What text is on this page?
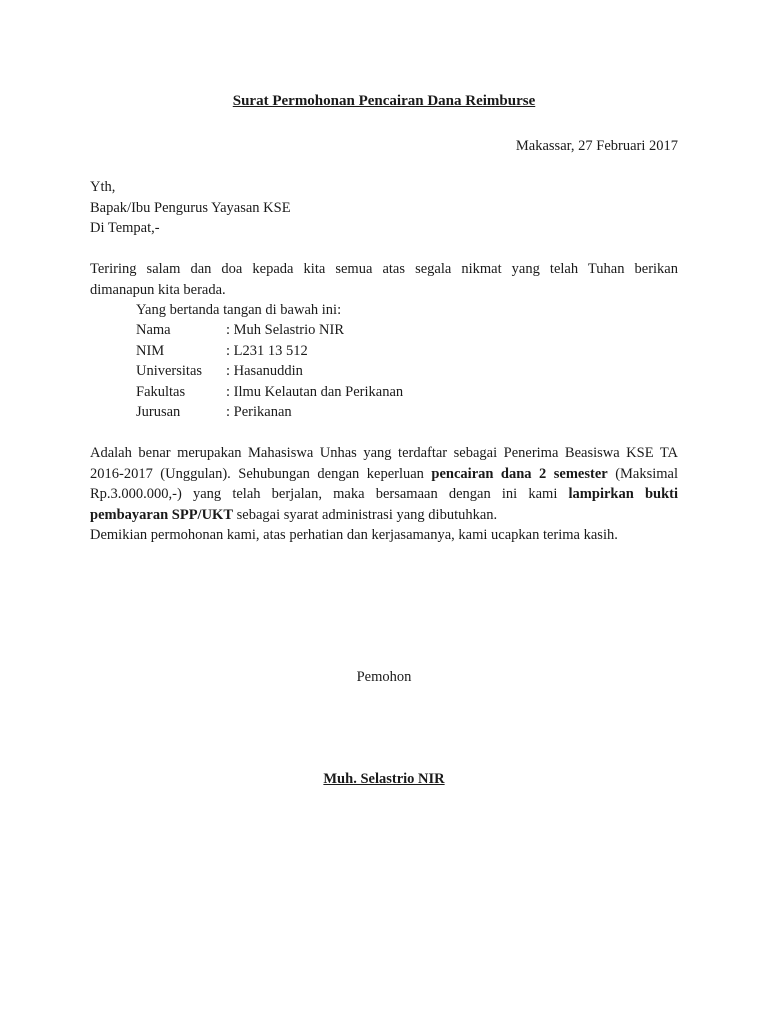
Surat Permohonan Pencairan Dana Reimburse
Makassar, 27 Februari 2017
Yth,
Bapak/Ibu Pengurus Yayasan KSE
Di Tempat,-
Teriring salam dan doa kepada kita semua atas segala nikmat yang telah Tuhan berikan
dimanapun kita berada.
Yang bertanda tangan di bawah ini:
Nama	: Muh Selastrio NIR
NIM	: L231 13 512
Universitas : Hasanuddin
Fakultas	: Ilmu Kelautan dan Perikanan
Jurusan	: Perikanan
Adalah benar merupakan Mahasiswa Unhas yang terdaftar sebagai Penerima Beasiswa KSE TA 2016-2017 (Unggulan). Sehubungan dengan keperluan pencairan dana 2 semester (Maksimal Rp.3.000.000,-) yang telah berjalan, maka bersamaan dengan ini kami lampirkan bukti pembayaran SPP/UKT sebagai syarat administrasi yang dibutuhkan.
Demikian permohonan kami, atas perhatian dan kerjasamanya, kami ucapkan terima kasih.
Pemohon
Muh. Selastrio NIR
